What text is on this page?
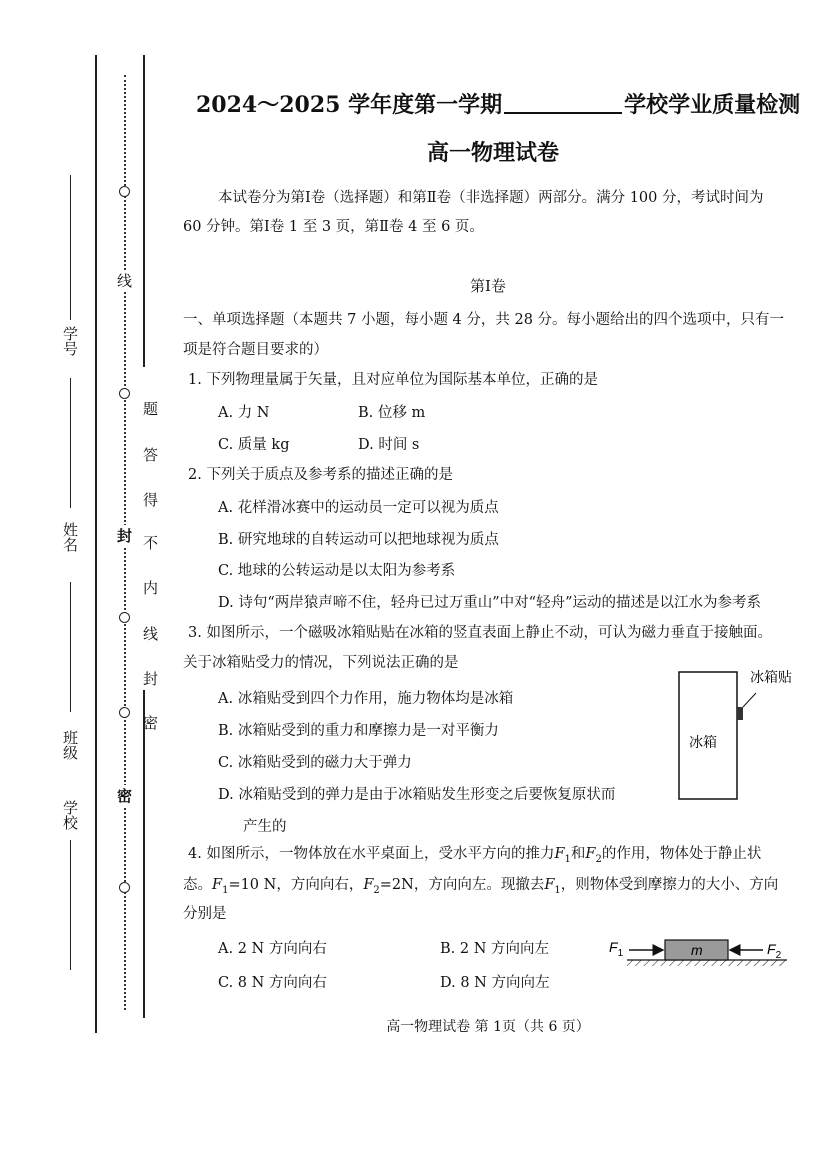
线
封
密
题
答
得
不
内
线
封
密
学号
姓名
班级
学校
2024～2025 学年度第一学期	学校学业质量检测
高一物理试卷
本试卷分为第Ⅰ卷（选择题）和第Ⅱ卷（非选择题）两部分。满分 100 分，考试时间为
60 分钟。第Ⅰ卷 1 至 3 页，第Ⅱ卷 4 至 6 页。
第Ⅰ卷
一、单项选择题（本题共 7 小题，每小题 4 分，共 28 分。每小题给出的四个选项中，只有一
项是符合题目要求的）
1. 下列物理量属于矢量，且对应单位为国际基本单位，正确的是
A. 力 N	B. 位移 m
C. 质量 kg	D. 时间 s
2. 下列关于质点及参考系的描述正确的是
A. 花样滑冰赛中的运动员一定可以视为质点
B. 研究地球的自转运动可以把地球视为质点
C. 地球的公转运动是以太阳为参考系
D. 诗句“两岸猿声啼不住，轻舟已过万重山”中对“轻舟”运动的描述是以江水为参考系
3. 如图所示，一个磁吸冰箱贴贴在冰箱的竖直表面上静止不动，可认为磁力垂直于接触面。
关于冰箱贴受力的情况，下列说法正确的是
A. 冰箱贴受到四个力作用，施力物体均是冰箱
B. 冰箱贴受到的重力和摩擦力是一对平衡力
C. 冰箱贴受到的磁力大于弹力
D. 冰箱贴受到的弹力是由于冰箱贴发生形变之后要恢复原状而
产生的
冰箱
冰箱贴
4. 如图所示，一物体放在水平桌面上，受水平方向的推力$F_1$和$F_2$的作用，物体处于静止状
态。$F_1=10$ N，方向向右，$F_2=2N$，方向向左。现撤去$F_1$，则物体受到摩擦力的大小、方向
分别是
A. 2 N 方向向右	B. 2 N 方向向左
C. 8 N 方向向右	D. 8 N 方向向左
m
$F_1$	$F_2$
高一物理试卷 第 1页（共 6 页）
